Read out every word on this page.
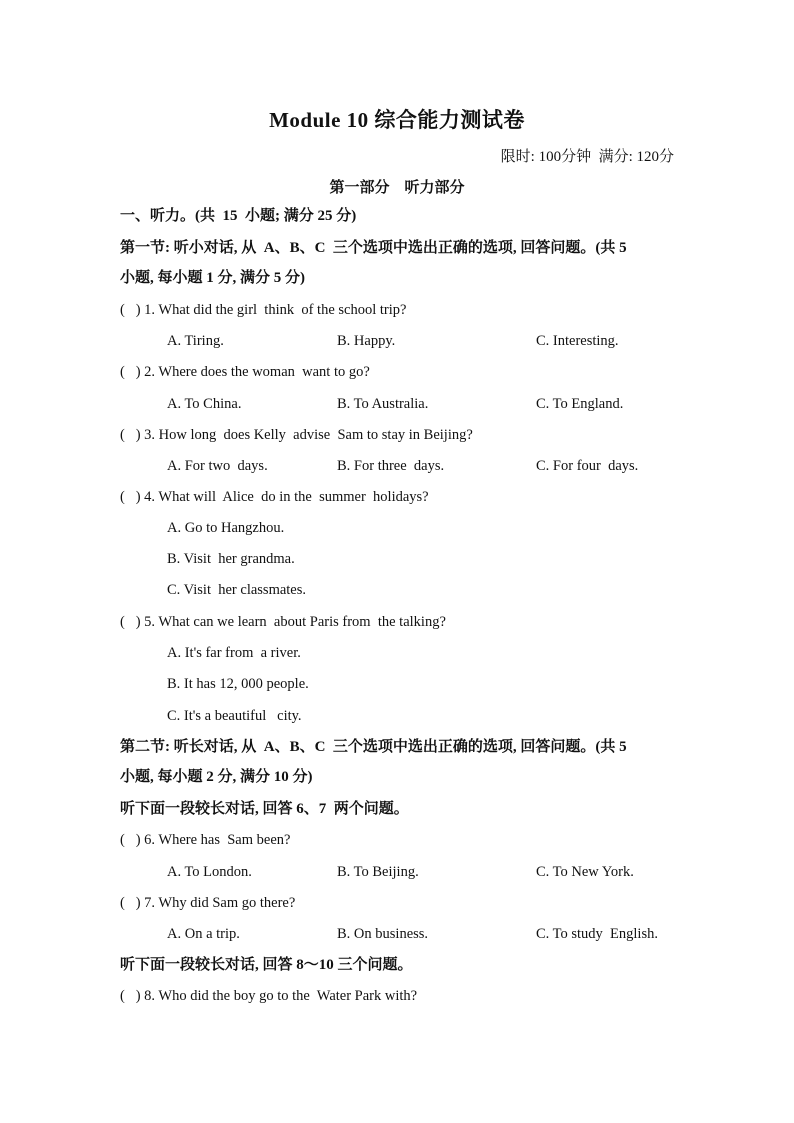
Module 10 综合能力测试卷
限时: 100分钟  满分: 120分
第一部分    听力部分
一、听力。(共  15  小题; 满分 25 分)
第一节: 听小对话, 从  A、B、C  三个选项中选出正确的选项, 回答问题。(共 5
小题, 每小题 1 分, 满分 5 分)
(   ) 1. What did the girl  think  of the school trip?
A. Tiring.	B. Happy.	C. Interesting.
(   ) 2. Where does the woman  want to go?
A. To China.	B. To Australia.	C. To England.
(   ) 3. How long  does Kelly  advise  Sam to stay in Beijing?
A. For two  days.	B. For three  days.	C. For four  days.
(   ) 4. What will  Alice  do in the  summer  holidays?
A. Go to Hangzhou.
B. Visit  her grandma.
C. Visit  her classmates.
(   ) 5. What can we learn  about Paris from  the talking?
A. It's far from  a river.
B. It has 12, 000 people.
C. It's a beautiful   city.
第二节: 听长对话, 从  A、B、C  三个选项中选出正确的选项, 回答问题。(共 5
小题, 每小题 2 分, 满分 10 分)
听下面一段较长对话, 回答 6、7  两个问题。
(   ) 6. Where has  Sam been?
A. To London.	B. To Beijing.	C. To New York.
(   ) 7. Why did Sam go there?
A. On a trip.	B. On business.	C. To study  English.
听下面一段较长对话, 回答 8～10 三个问题。
(   ) 8. Who did the boy go to the  Water Park with?
